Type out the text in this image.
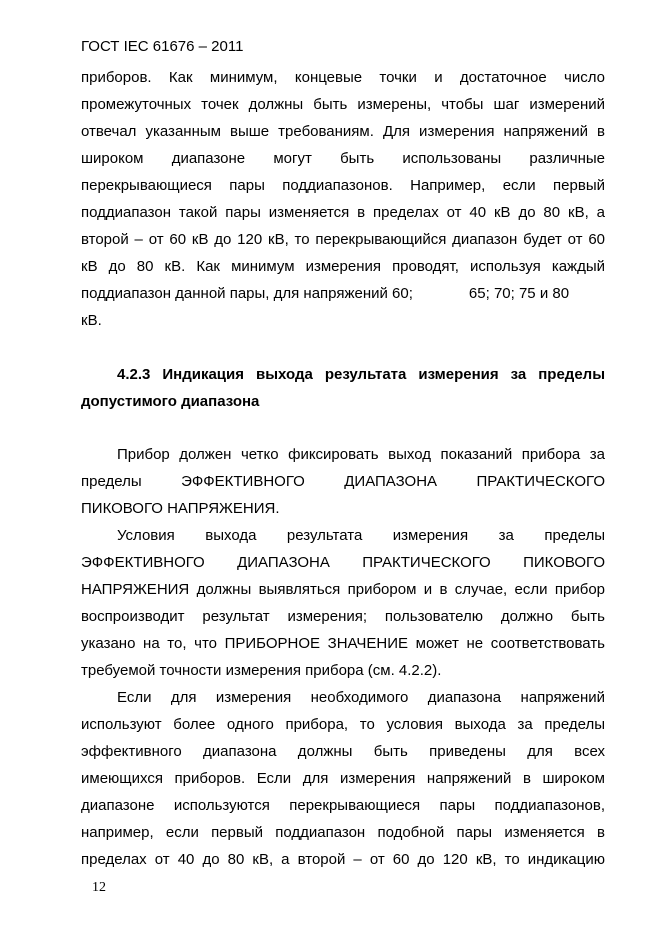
ГОСТ IEC 61676 – 2011
приборов. Как минимум, концевые точки и достаточное число
промежуточных точек должны быть измерены, чтобы шаг измерений
отвечал указанным выше требованиям. Для измерения напряжений в
широком диапазоне могут быть использованы различные
перекрывающиеся пары поддиапазонов. Например, если первый
поддиапазон такой пары изменяется в пределах от 40 кВ до 80 кВ, а
второй – от 60 кВ до 120 кВ, то перекрывающийся диапазон будет от 60
кВ до 80 кВ. Как минимум измерения проводят, используя каждый
поддиапазон данной пары, для напряжений 60;	65; 70; 75 и 80
кВ.
4.2.3 Индикация выхода результата измерения за пределы
допустимого диапазона
Прибор должен четко фиксировать выход показаний прибора за
пределы ЭФФЕКТИВНОГО ДИАПАЗОНА ПРАКТИЧЕСКОГО
ПИКОВОГО НАПРЯЖЕНИЯ.
Условия выхода результата измерения за пределы
ЭФФЕКТИВНОГО ДИАПАЗОНА ПРАКТИЧЕСКОГО ПИКОВОГО
НАПРЯЖЕНИЯ должны выявляться прибором и в случае, если прибор
воспроизводит результат измерения; пользователю должно быть
указано на то, что ПРИБОРНОЕ ЗНАЧЕНИЕ может не соответствовать
требуемой точности измерения прибора (см. 4.2.2).
Если для измерения необходимого диапазона напряжений
используют более одного прибора, то условия выхода за пределы
эффективного диапазона должны быть приведены для всех
имеющихся приборов. Если для измерения напряжений в широком
диапазоне используются перекрывающиеся пары поддиапазонов,
например, если первый поддиапазон подобной пары изменяется в
пределах от 40 до 80 кВ, а второй – от 60 до 120 кВ, то индикацию
12
